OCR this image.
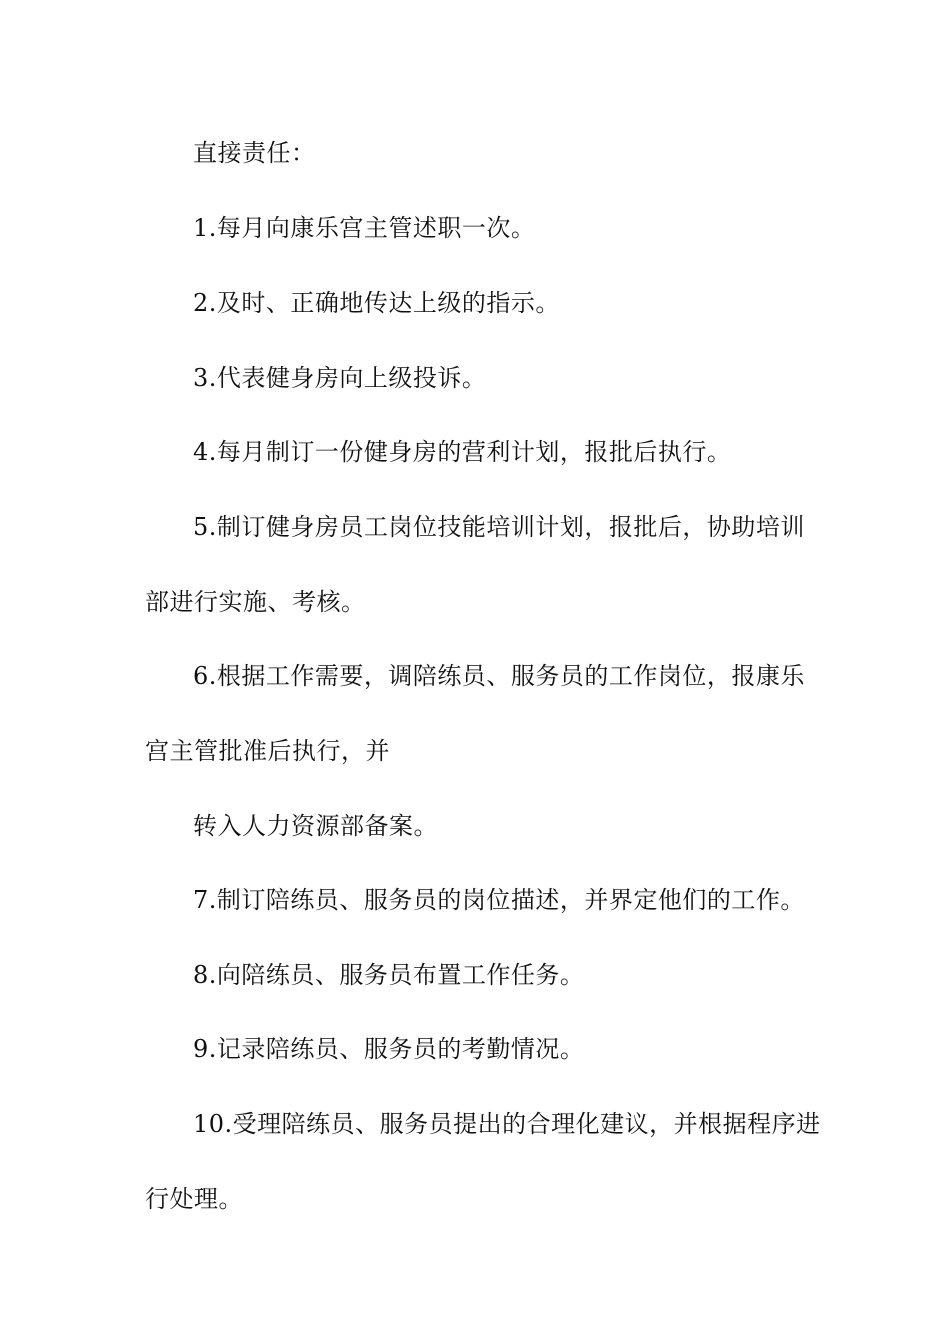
直接责任：
1.每月向康乐宫主管述职一次。
2.及时、正确地传达上级的指示。
3.代表健身房向上级投诉。
4.每月制订一份健身房的营利计划，报批后执行。
5.制订健身房员工岗位技能培训计划，报批后，协助培训
部进行实施、考核。
6.根据工作需要，调陪练员、服务员的工作岗位，报康乐
宫主管批准后执行，并
转入人力资源部备案。
7.制订陪练员、服务员的岗位描述，并界定他们的工作。
8.向陪练员、服务员布置工作任务。
9.记录陪练员、服务员的考勤情况。
10.受理陪练员、服务员提出的合理化建议，并根据程序进
行处理。
